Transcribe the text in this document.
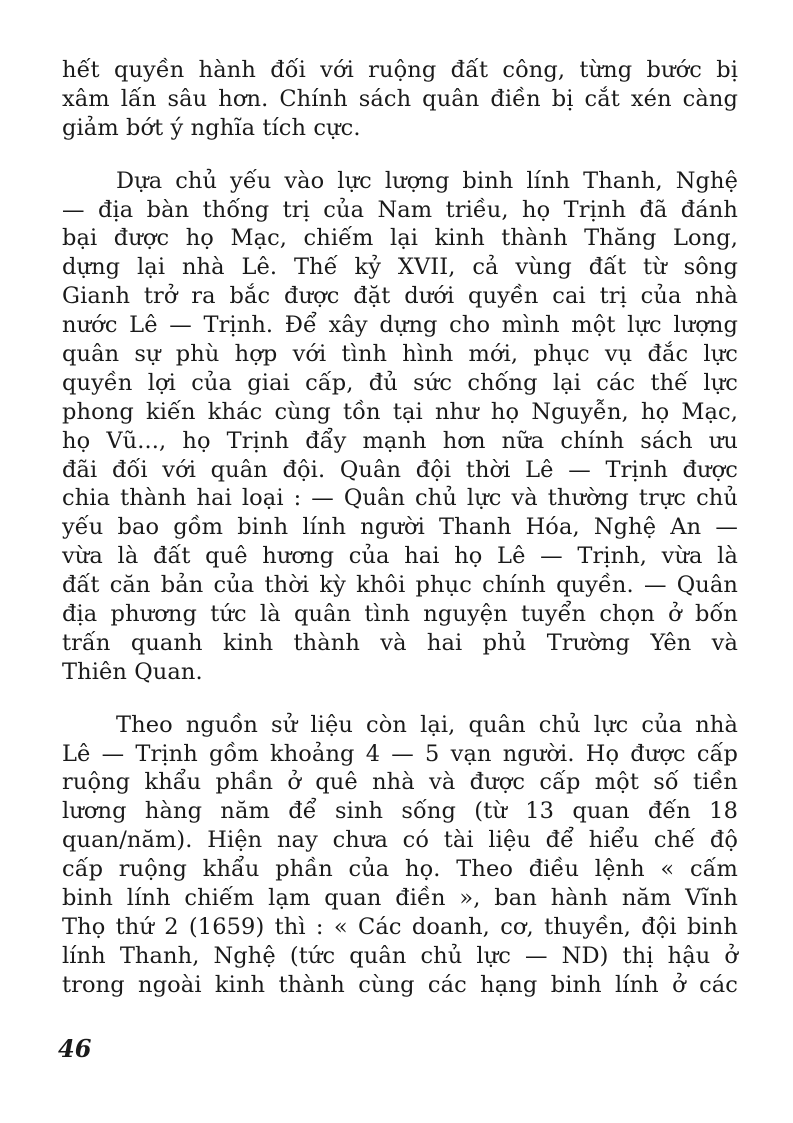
hết quyền hành đối với ruộng đất công, từng bước bị
xâm lấn sâu hơn. Chính sách quân điền bị cắt xén càng
giảm bớt ý nghĩa tích cực.
Dựa chủ yếu vào lực lượng binh lính Thanh, Nghệ
— địa bàn thống trị của Nam triều, họ Trịnh đã đánh
bại được họ Mạc, chiếm lại kinh thành Thăng Long,
dựng lại nhà Lê. Thế kỷ XVII, cả vùng đất từ sông
Gianh trở ra bắc được đặt dưới quyền cai trị của nhà
nước Lê — Trịnh. Để xây dựng cho mình một lực lượng
quân sự phù hợp với tình hình mới, phục vụ đắc lực
quyền lợi của giai cấp, đủ sức chống lại các thế lực
phong kiến khác cùng tồn tại như họ Nguyễn, họ Mạc,
họ Vũ..., họ Trịnh đẩy mạnh hơn nữa chính sách ưu
đãi đối với quân đội. Quân đội thời Lê — Trịnh được
chia thành hai loại : — Quân chủ lực và thường trực chủ
yếu bao gồm binh lính người Thanh Hóa, Nghệ An —
vừa là đất quê hương của hai họ Lê — Trịnh, vừa là
đất căn bản của thời kỳ khôi phục chính quyền. — Quân
địa phương tức là quân tình nguyện tuyển chọn ở bốn
trấn quanh kinh thành và hai phủ Trường Yên và
Thiên Quan.
Theo nguồn sử liệu còn lại, quân chủ lực của nhà
Lê — Trịnh gồm khoảng 4 — 5 vạn người. Họ được cấp
ruộng khẩu phần ở quê nhà và được cấp một số tiền
lương hàng năm để sinh sống (từ 13 quan đến 18
quan/năm). Hiện nay chưa có tài liệu để hiểu chế độ
cấp ruộng khẩu phần của họ. Theo điều lệnh « cấm
binh lính chiếm lạm quan điền », ban hành năm Vĩnh
Thọ thứ 2 (1659) thì : « Các doanh, cơ, thuyền, đội binh
lính Thanh, Nghệ (tức quân chủ lực — ND) thị hậu ở
trong ngoài kinh thành cùng các hạng binh lính ở các
46
